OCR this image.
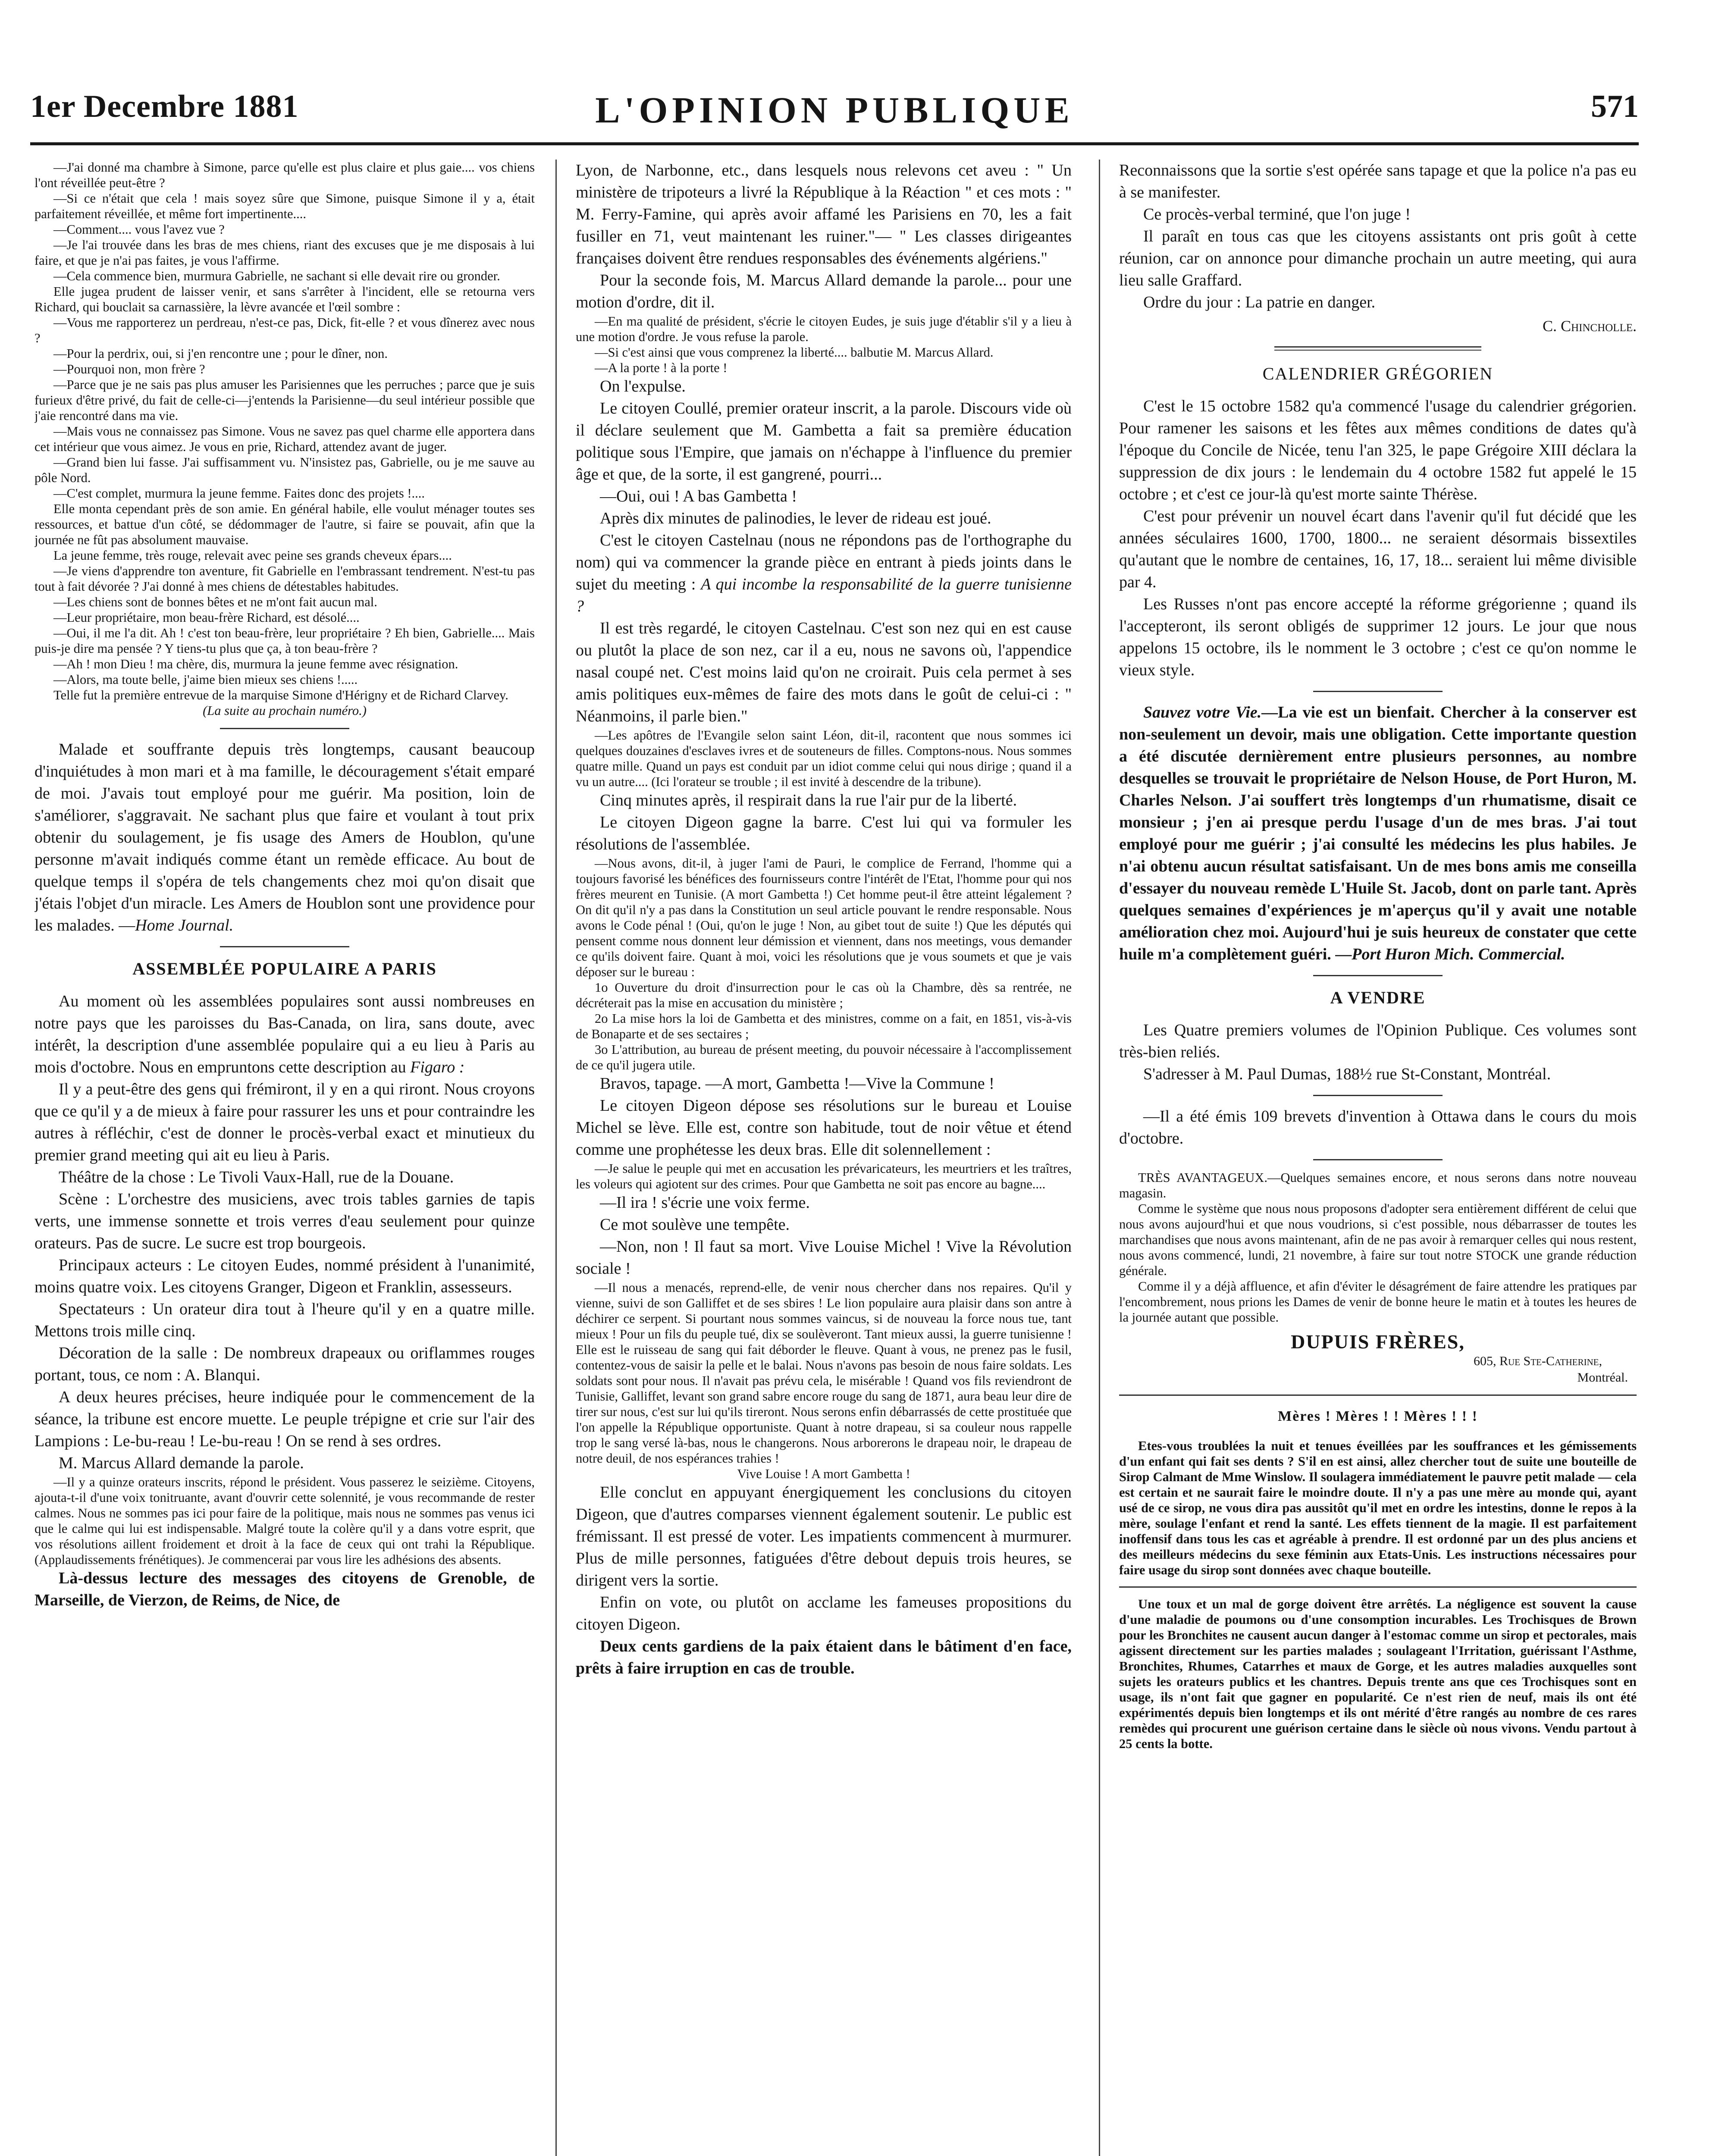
1er Decembre 1881	L'OPINION PUBLIQUE	571

—J'ai donné ma chambre à Simone, parce qu'elle est plus claire et plus gaie.... vos chiens l'ont réveillée peut-être ?

—Si ce n'était que cela ! mais soyez sûre que Simone, puisque Simone il y a, était parfaitement réveillée, et même fort impertinente....

—Comment.... vous l'avez vue ?

—Je l'ai trouvée dans les bras de mes chiens, riant des excuses que je me disposais à lui faire, et que je n'ai pas faites, je vous l'affirme.

—Cela commence bien, murmura Gabrielle, ne sachant si elle devait rire ou gronder.

Elle jugea prudent de laisser venir, et sans s'arrêter à l'incident, elle se retourna vers Richard, qui bouclait sa carnassière, la lèvre avancée et l'œil sombre :

—Vous me rapporterez un perdreau, n'est-ce pas, Dick, fit-elle ? et vous dînerez avec nous ?

—Pour la perdrix, oui, si j'en rencontre une ; pour le dîner, non.

—Pourquoi non, mon frère ?

—Parce que je ne sais pas plus amuser les Parisiennes que les perruches ; parce que je suis furieux d'être privé, du fait de celle-ci—j'entends la Parisienne—du seul intérieur possible que j'aie rencontré dans ma vie.

—Mais vous ne connaissez pas Simone. Vous ne savez pas quel charme elle apportera dans cet intérieur que vous aimez. Je vous en prie, Richard, attendez avant de juger.

—Grand bien lui fasse. J'ai suffisamment vu. N'insistez pas, Gabrielle, ou je me sauve au pôle Nord.

—C'est complet, murmura la jeune femme. Faites donc des projets !....

Elle monta cependant près de son amie. En général habile, elle voulut ménager toutes ses ressources, et battue d'un côté, se dédommager de l'autre, si faire se pouvait, afin que la journée ne fût pas absolument mauvaise.

La jeune femme, très rouge, relevait avec peine ses grands cheveux épars....

—Je viens d'apprendre ton aventure, fit Gabrielle en l'embrassant tendrement. N'est-tu pas tout à fait dévorée ? J'ai donné à mes chiens de détestables habitudes.

—Les chiens sont de bonnes bêtes et ne m'ont fait aucun mal.

—Leur propriétaire, mon beau-frère Richard, est désolé....

—Oui, il me l'a dit. Ah ! c'est ton beau-frère, leur propriétaire ? Eh bien, Gabrielle.... Mais puis-je dire ma pensée ? Y tiens-tu plus que ça, à ton beau-frère ?

—Ah ! mon Dieu ! ma chère, dis, murmura la jeune femme avec résignation.

—Alors, ma toute belle, j'aime bien mieux ses chiens !.....

Telle fut la première entrevue de la marquise Simone d'Hérigny et de Richard Clarvey.

(La suite au prochain numéro.)

Malade et souffrante depuis très longtemps, causant beaucoup d'inquiétudes à mon mari et à ma famille, le découragement s'était emparé de moi. J'avais tout employé pour me guérir. Ma position, loin de s'améliorer, s'aggravait. Ne sachant plus que faire et voulant à tout prix obtenir du soulagement, je fis usage des Amers de Houblon, qu'une personne m'avait indiqués comme étant un remède efficace. Au bout de quelque temps il s'opéra de tels changements chez moi qu'on disait que j'étais l'objet d'un miracle. Les Amers de Houblon sont une providence pour les malades. —Home Journal.

ASSEMBLÉE POPULAIRE A PARIS

Au moment où les assemblées populaires sont aussi nombreuses en notre pays que les paroisses du Bas-Canada, on lira, sans doute, avec intérêt, la description d'une assemblée populaire qui a eu lieu à Paris au mois d'octobre. Nous en empruntons cette description au Figaro :

Il y a peut-être des gens qui frémiront, il y en a qui riront. Nous croyons que ce qu'il y a de mieux à faire pour rassurer les uns et pour contraindre les autres à réfléchir, c'est de donner le procès-verbal exact et minutieux du premier grand meeting qui ait eu lieu à Paris.

Théâtre de la chose : Le Tivoli Vaux-Hall, rue de la Douane.

Scène : L'orchestre des musiciens, avec trois tables garnies de tapis verts, une immense sonnette et trois verres d'eau seulement pour quinze orateurs. Pas de sucre. Le sucre est trop bourgeois.

Principaux acteurs : Le citoyen Eudes, nommé président à l'unanimité, moins quatre voix. Les citoyens Granger, Digeon et Franklin, assesseurs.

Spectateurs : Un orateur dira tout à l'heure qu'il y en a quatre mille. Mettons trois mille cinq.

Décoration de la salle : De nombreux drapeaux ou oriflammes rouges portant, tous, ce nom : A. Blanqui.

A deux heures précises, heure indiquée pour le commencement de la séance, la tribune est encore muette. Le peuple trépigne et crie sur l'air des Lampions : Le-bu-reau ! Le-bu-reau ! On se rend à ses ordres.

M. Marcus Allard demande la parole.

—Il y a quinze orateurs inscrits, répond le président. Vous passerez le seizième. Citoyens, ajouta-t-il d'une voix tonitruante, avant d'ouvrir cette solennité, je vous recommande de rester calmes. Nous ne sommes pas ici pour faire de la politique, mais nous ne sommes pas venus ici que le calme qui lui est indispensable. Malgré toute la colère qu'il y a dans votre esprit, que vos résolutions aillent froidement et droit à la face de ceux qui ont trahi la République. (Applaudissements frénétiques). Je commencerai par vous lire les adhésions des absents.

Là-dessus lecture des messages des citoyens de Grenoble, de Marseille, de Vierzon, de Reims, de Nice, de

Lyon, de Narbonne, etc., dans lesquels nous relevons cet aveu : " Un ministère de tripoteurs a livré la République à la Réaction " et ces mots : " M. Ferry-Famine, qui après avoir affamé les Parisiens en 70, les a fait fusiller en 71, veut maintenant les ruiner."— " Les classes dirigeantes françaises doivent être rendues responsables des événements algériens."

Pour la seconde fois, M. Marcus Allard demande la parole... pour une motion d'ordre, dit il.

—En ma qualité de président, s'écrie le citoyen Eudes, je suis juge d'établir s'il y a lieu à une motion d'ordre. Je vous refuse la parole.

—Si c'est ainsi que vous comprenez la liberté.... balbutie M. Marcus Allard.

—A la porte ! à la porte !

On l'expulse.

Le citoyen Coullé, premier orateur inscrit, a la parole. Discours vide où il déclare seulement que M. Gambetta a fait sa première éducation politique sous l'Empire, que jamais on n'échappe à l'influence du premier âge et que, de la sorte, il est gangrené, pourri...

—Oui, oui ! A bas Gambetta !

Après dix minutes de palinodies, le lever de rideau est joué.

C'est le citoyen Castelnau (nous ne répondons pas de l'orthographe du nom) qui va commencer la grande pièce en entrant à pieds joints dans le sujet du meeting : A qui incombe la responsabilité de la guerre tunisienne ?

Il est très regardé, le citoyen Castelnau. C'est son nez qui en est cause ou plutôt la place de son nez, car il a eu, nous ne savons où, l'appendice nasal coupé net. C'est moins laid qu'on ne croirait. Puis cela permet à ses amis politiques eux-mêmes de faire des mots dans le goût de celui-ci : " Néanmoins, il parle bien."

—Les apôtres de l'Evangile selon saint Léon, dit-il, racontent que nous sommes ici quelques douzaines d'esclaves ivres et de souteneurs de filles. Comptons-nous. Nous sommes quatre mille. Quand un pays est conduit par un idiot comme celui qui nous dirige ; quand il a vu un autre.... (Ici l'orateur se trouble ; il est invité à descendre de la tribune).

Cinq minutes après, il respirait dans la rue l'air pur de la liberté.

Le citoyen Digeon gagne la barre. C'est lui qui va formuler les résolutions de l'assemblée.

—Nous avons, dit-il, à juger l'ami de Pauri, le complice de Ferrand, l'homme qui a toujours favorisé les bénéfices des fournisseurs contre l'intérêt de l'Etat, l'homme pour qui nos frères meurent en Tunisie. (A mort Gambetta !) Cet homme peut-il être atteint légalement ? On dit qu'il n'y a pas dans la Constitution un seul article pouvant le rendre responsable. Nous avons le Code pénal ! (Oui, qu'on le juge ! Non, au gibet tout de suite !) Que les députés qui pensent comme nous donnent leur démission et viennent, dans nos meetings, vous demander ce qu'ils doivent faire. Quant à moi, voici les résolutions que je vous soumets et que je vais déposer sur le bureau :

1o Ouverture du droit d'insurrection pour le cas où la Chambre, dès sa rentrée, ne décréterait pas la mise en accusation du ministère ;

2o La mise hors la loi de Gambetta et des ministres, comme on a fait, en 1851, vis-à-vis de Bonaparte et de ses sectaires ;

3o L'attribution, au bureau de présent meeting, du pouvoir nécessaire à l'accomplissement de ce qu'il jugera utile.

Bravos, tapage. —A mort, Gambetta !—Vive la Commune !

Le citoyen Digeon dépose ses résolutions sur le bureau et Louise Michel se lève. Elle est, contre son habitude, tout de noir vêtue et étend comme une prophétesse les deux bras. Elle dit solennellement :

—Je salue le peuple qui met en accusation les prévaricateurs, les meurtriers et les traîtres, les voleurs qui agiotent sur des crimes. Pour que Gambetta ne soit pas encore au bagne....

—Il ira ! s'écrie une voix ferme.

Ce mot soulève une tempête.

—Non, non ! Il faut sa mort. Vive Louise Michel ! Vive la Révolution sociale !

—Il nous a menacés, reprend-elle, de venir nous chercher dans nos repaires. Qu'il y vienne, suivi de son Galliffet et de ses sbires ! Le lion populaire aura plaisir dans son antre à déchirer ce serpent. Si pourtant nous sommes vaincus, si de nouveau la force nous tue, tant mieux ! Pour un fils du peuple tué, dix se soulèveront. Tant mieux aussi, la guerre tunisienne ! Elle est le ruisseau de sang qui fait déborder le fleuve. Quant à vous, ne prenez pas le fusil, contentez-vous de saisir la pelle et le balai. Nous n'avons pas besoin de nous faire soldats. Les soldats sont pour nous. Il n'avait pas prévu cela, le misérable ! Quand vos fils reviendront de Tunisie, Galliffet, levant son grand sabre encore rouge du sang de 1871, aura beau leur dire de tirer sur nous, c'est sur lui qu'ils tireront. Nous serons enfin débarrassés de cette prostituée que l'on appelle la République opportuniste. Quant à notre drapeau, si sa couleur nous rappelle trop le sang versé là-bas, nous le changerons. Nous arborerons le drapeau noir, le drapeau de notre deuil, de nos espérances trahies !

Vive Louise ! A mort Gambetta !

Elle conclut en appuyant énergiquement les conclusions du citoyen Digeon, que d'autres comparses viennent également soutenir. Le public est frémissant. Il est pressé de voter. Les impatients commencent à murmurer. Plus de mille personnes, fatiguées d'être debout depuis trois heures, se dirigent vers la sortie.

Enfin on vote, ou plutôt on acclame les fameuses propositions du citoyen Digeon.

Deux cents gardiens de la paix étaient dans le bâtiment d'en face, prêts à faire irruption en cas de trouble.

Reconnaissons que la sortie s'est opérée sans tapage et que la police n'a pas eu à se manifester.

Ce procès-verbal terminé, que l'on juge !

Il paraît en tous cas que les citoyens assistants ont pris goût à cette réunion, car on annonce pour dimanche prochain un autre meeting, qui aura lieu salle Graffard.

Ordre du jour : La patrie en danger.

C. Chincholle.
CALENDRIER GRÉGORIEN

C'est le 15 octobre 1582 qu'a commencé l'usage du calendrier grégorien. Pour ramener les saisons et les fêtes aux mêmes conditions de dates qu'à l'époque du Concile de Nicée, tenu l'an 325, le pape Grégoire XIII déclara la suppression de dix jours : le lendemain du 4 octobre 1582 fut appelé le 15 octobre ; et c'est ce jour-là qu'est morte sainte Thérèse.

C'est pour prévenir un nouvel écart dans l'avenir qu'il fut décidé que les années séculaires 1600, 1700, 1800... ne seraient désormais bissextiles qu'autant que le nombre de centaines, 16, 17, 18... seraient lui même divisible par 4.

Les Russes n'ont pas encore accepté la réforme grégorienne ; quand ils l'accepteront, ils seront obligés de supprimer 12 jours. Le jour que nous appelons 15 octobre, ils le nomment le 3 octobre ; c'est ce qu'on nomme le vieux style.

Sauvez votre Vie.—La vie est un bienfait. Chercher à la conserver est non-seulement un devoir, mais une obligation. Cette importante question a été discutée dernièrement entre plusieurs personnes, au nombre desquelles se trouvait le propriétaire de Nelson House, de Port Huron, M. Charles Nelson. J'ai souffert très longtemps d'un rhumatisme, disait ce monsieur ; j'en ai presque perdu l'usage d'un de mes bras. J'ai tout employé pour me guérir ; j'ai consulté les médecins les plus habiles. Je n'ai obtenu aucun résultat satisfaisant. Un de mes bons amis me conseilla d'essayer du nouveau remède L'Huile St. Jacob, dont on parle tant. Après quelques semaines d'expériences je m'aperçus qu'il y avait une notable amélioration chez moi. Aujourd'hui je suis heureux de constater que cette huile m'a complètement guéri. —Port Huron Mich. Commercial.

A VENDRE

Les Quatre premiers volumes de l'Opinion Publique. Ces volumes sont très-bien reliés.

S'adresser à M. Paul Dumas, 188½ rue St-Constant, Montréal.

—Il a été émis 109 brevets d'invention à Ottawa dans le cours du mois d'octobre.

TRÈS AVANTAGEUX.—Quelques semaines encore, et nous serons dans notre nouveau magasin.

Comme le système que nous nous proposons d'adopter sera entièrement différent de celui que nous avons aujourd'hui et que nous voudrions, si c'est possible, nous débarrasser de toutes les marchandises que nous avons maintenant, afin de ne pas avoir à remarquer celles qui nous restent, nous avons commencé, lundi, 21 novembre, à faire sur tout notre STOCK une grande réduction générale.

Comme il y a déjà affluence, et afin d'éviter le désagrément de faire attendre les pratiques par l'encombrement, nous prions les Dames de venir de bonne heure le matin et à toutes les heures de la journée autant que possible.

DUPUIS FRÈRES,
605, Rue Ste-Catherine,
Montréal.
Mères ! Mères ! ! Mères ! ! !

Etes-vous troublées la nuit et tenues éveillées par les souffrances et les gémissements d'un enfant qui fait ses dents ? S'il en est ainsi, allez chercher tout de suite une bouteille de Sirop Calmant de Mme Winslow. Il soulagera immédiatement le pauvre petit malade — cela est certain et ne saurait faire le moindre doute. Il n'y a pas une mère au monde qui, ayant usé de ce sirop, ne vous dira pas aussitôt qu'il met en ordre les intestins, donne le repos à la mère, soulage l'enfant et rend la santé. Les effets tiennent de la magie. Il est parfaitement inoffensif dans tous les cas et agréable à prendre. Il est ordonné par un des plus anciens et des meilleurs médecins du sexe féminin aux Etats-Unis. Les instructions nécessaires pour faire usage du sirop sont données avec chaque bouteille.

Une toux et un mal de gorge doivent être arrêtés. La négligence est souvent la cause d'une maladie de poumons ou d'une consomption incurables. Les Trochisques de Brown pour les Bronchites ne causent aucun danger à l'estomac comme un sirop et pectorales, mais agissent directement sur les parties malades ; soulageant l'Irritation, guérissant l'Asthme, Bronchites, Rhumes, Catarrhes et maux de Gorge, et les autres maladies auxquelles sont sujets les orateurs publics et les chantres. Depuis trente ans que ces Trochisques sont en usage, ils n'ont fait que gagner en popularité. Ce n'est rien de neuf, mais ils ont été expérimentés depuis bien longtemps et ils ont mérité d'être rangés au nombre de ces rares remèdes qui procurent une guérison certaine dans le siècle où nous vivons. Vendu partout à 25 cents la botte.
